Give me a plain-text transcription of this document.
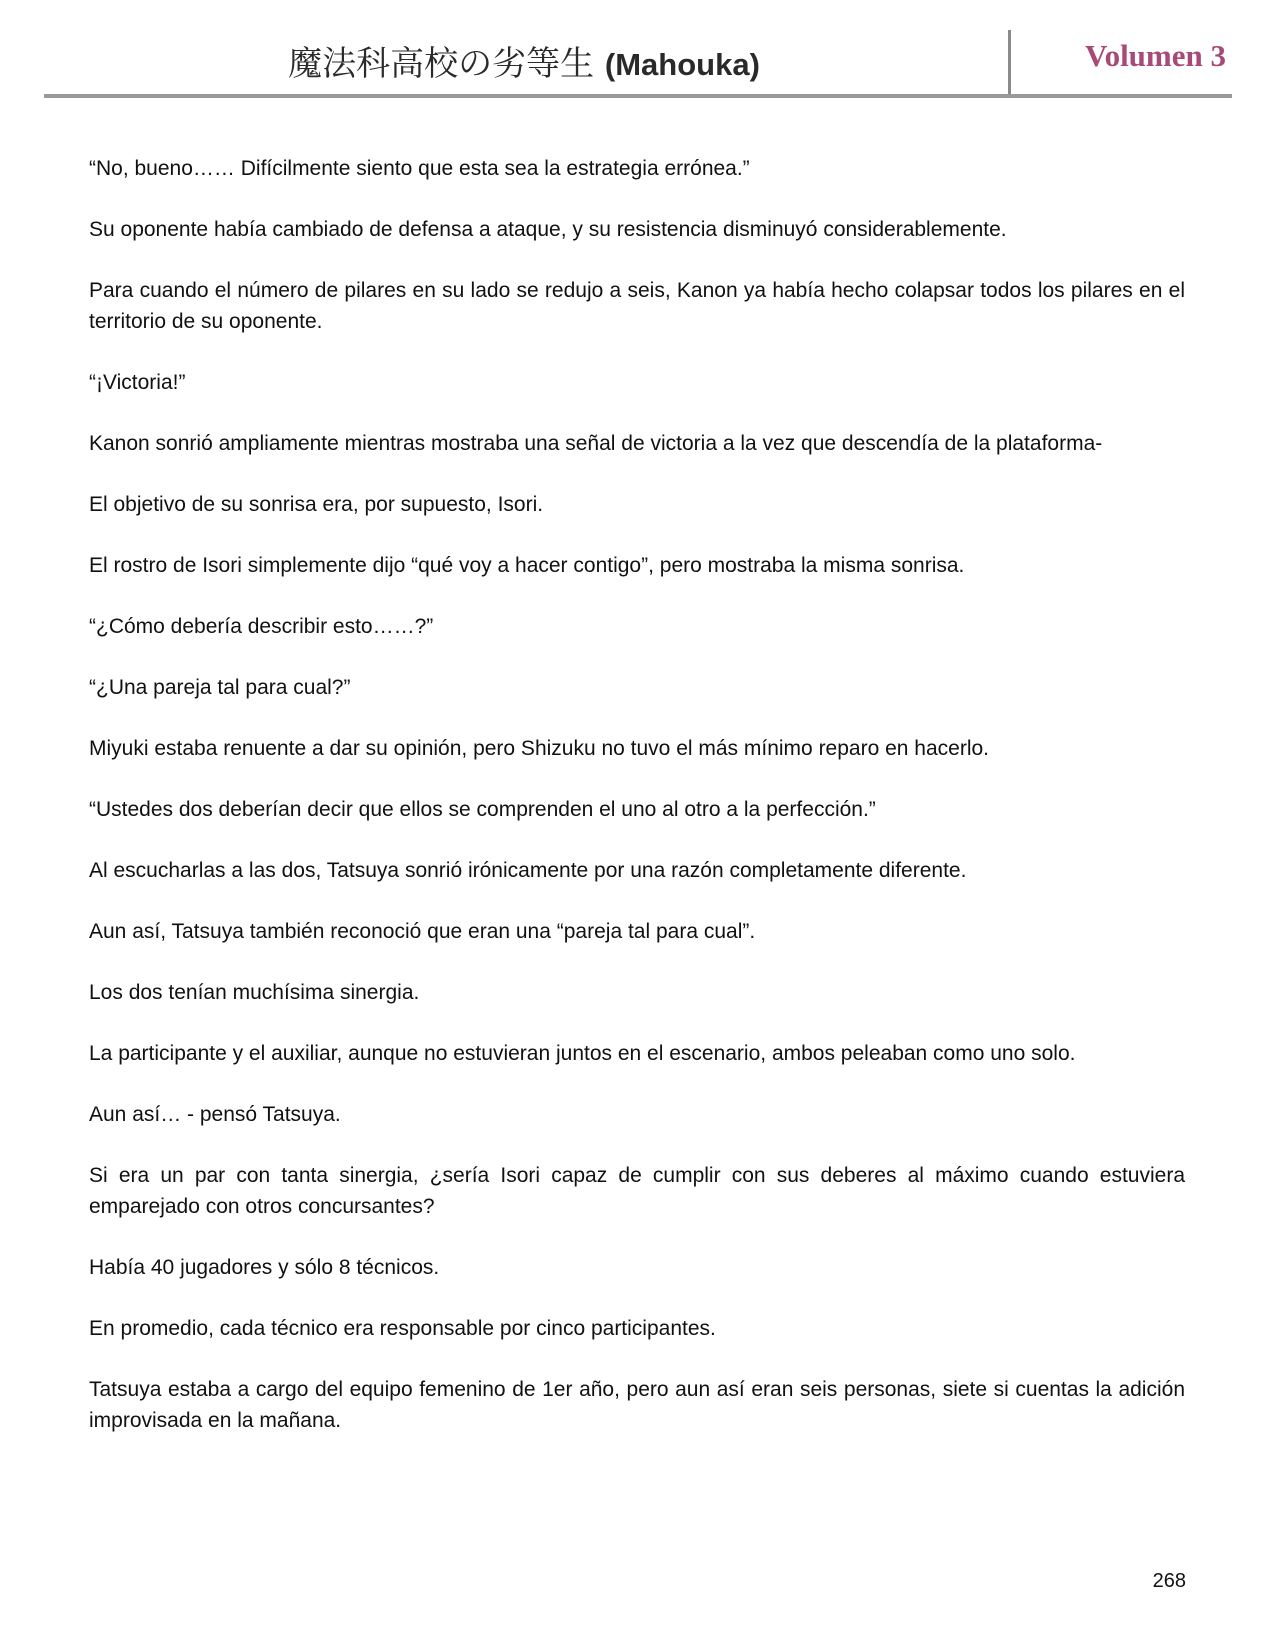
魔法科高校の劣等生 (Mahouka)	Volumen 3

“No, bueno…… Difícilmente siento que esta sea la estrategia errónea.”

Su oponente había cambiado de defensa a ataque, y su resistencia disminuyó considerablemente.

Para cuando el número de pilares en su lado se redujo a seis, Kanon ya había hecho colapsar todos los pilares en el territorio de su oponente.

“¡Victoria!”

Kanon sonrió ampliamente mientras mostraba una señal de victoria a la vez que descendía de la plataforma-

El objetivo de su sonrisa era, por supuesto, Isori.

El rostro de Isori simplemente dijo “qué voy a hacer contigo”, pero mostraba la misma sonrisa.

“¿Cómo debería describir esto……?”

“¿Una pareja tal para cual?”

Miyuki estaba renuente a dar su opinión, pero Shizuku no tuvo el más mínimo reparo en hacerlo.

“Ustedes dos deberían decir que ellos se comprenden el uno al otro a la perfección.”

Al escucharlas a las dos, Tatsuya sonrió irónicamente por una razón completamente diferente.

Aun así, Tatsuya también reconoció que eran una “pareja tal para cual”.

Los dos tenían muchísima sinergia.

La participante y el auxiliar, aunque no estuvieran juntos en el escenario, ambos peleaban como uno solo.

Aun así… - pensó Tatsuya.

Si era un par con tanta sinergia, ¿sería Isori capaz de cumplir con sus deberes al máximo cuando estuviera emparejado con otros concursantes?

Había 40 jugadores y sólo 8 técnicos.

En promedio, cada técnico era responsable por cinco participantes.

Tatsuya estaba a cargo del equipo femenino de 1er año, pero aun así eran seis personas, siete si cuentas la adición improvisada en la mañana.

268
